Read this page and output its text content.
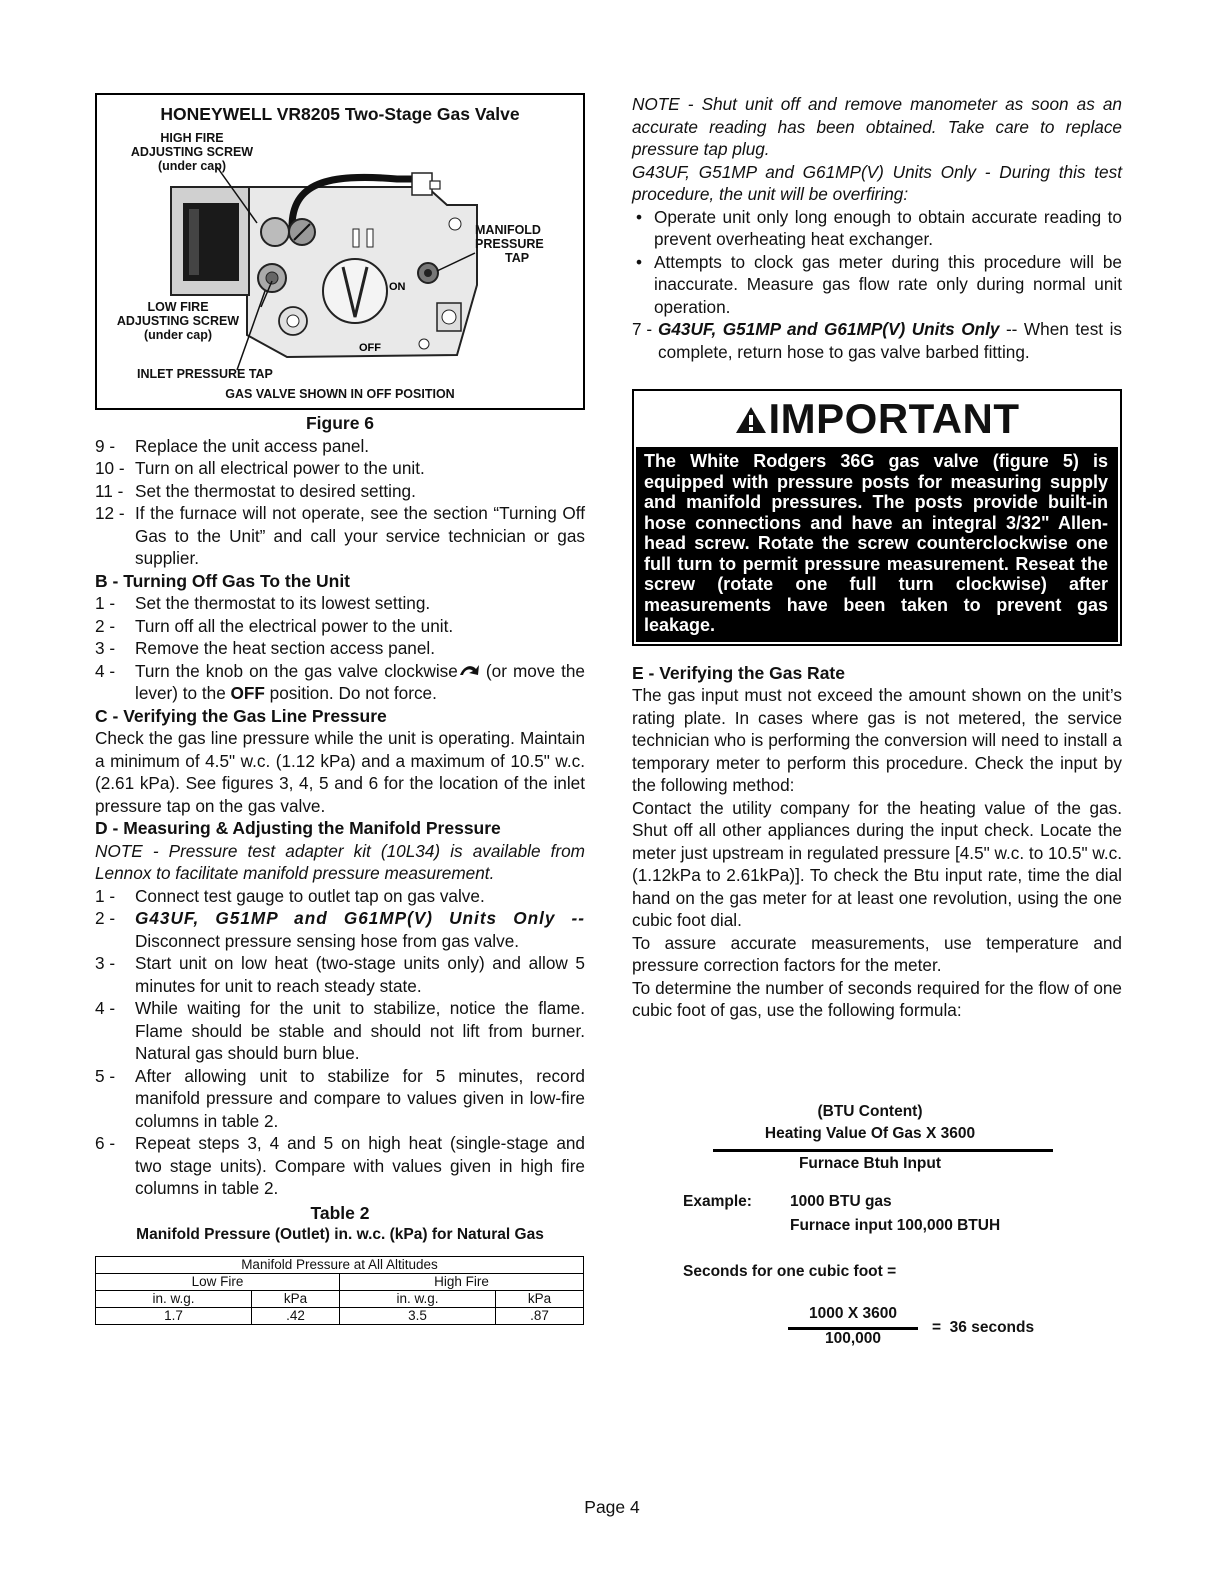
HONEYWELL VR8205 Two-Stage Gas Valve
ON
OFF
HIGH FIRE
ADJUSTING SCREW
(under cap)
MANIFOLD
PRESSURE
TAP
LOW FIRE
ADJUSTING SCREW
(under cap)
INLET PRESSURE TAP
GAS VALVE SHOWN IN OFF POSITION
Figure 6
9 -	Replace the unit access panel.
10 - Turn on all electrical power to the unit.
11 - Set the thermostat to desired setting.
12 - If the furnace will not operate, see the section “Turning Off Gas to the Unit” and call your service technician or gas supplier.
B - Turning Off Gas To the Unit
1 -	Set the thermostat to its lowest setting.
2 -	Turn off all the electrical power to the unit.
3 -	Remove the heat section access panel.
4 -	Turn the knob on the gas valve clockwise (or move the lever) to the OFF position. Do not force.
C - Verifying the Gas Line Pressure
Check the gas line pressure while the unit is operating. Maintain a minimum of 4.5" w.c. (1.12 kPa) and a maximum of 10.5" w.c. (2.61 kPa). See figures 3, 4, 5 and 6 for the location of the inlet pressure tap on the gas valve.
D - Measuring & Adjusting the Manifold Pressure
NOTE - Pressure test adapter kit (10L34) is available from Lennox to facilitate manifold pressure measurement.
1 -	Connect test gauge to outlet tap on gas valve.
2 -	G43UF, G51MP and G61MP(V) Units Only -- Disconnect pressure sensing hose from gas valve.
3 -	Start unit on low heat (two-stage units only) and allow 5 minutes for unit to reach steady state.
4 -	While waiting for the unit to stabilize, notice the flame. Flame should be stable and should not lift from burner. Natural gas should burn blue.
5 -	After allowing unit to stabilize for 5 minutes, record manifold pressure and compare to values given in low-fire columns in table 2.
6 -	Repeat steps 3, 4 and 5 on high heat (single-stage and two stage units). Compare with values given in high fire columns in table 2.
Table 2
Manifold Pressure (Outlet) in. w.c. (kPa) for Natural Gas
Manifold Pressure at All Altitudes			
Low Fire		High Fire	
in. w.g.	kPa	in. w.g.	kPa
1.7	.42	3.5	.87
NOTE - Shut unit off and remove manometer as soon as an accurate reading has been obtained. Take care to replace pressure tap plug.
G43UF, G51MP and G61MP(V) Units Only - During this test procedure, the unit will be overfiring:
• Operate unit only long enough to obtain accurate reading to prevent overheating heat exchanger.
• Attempts to clock gas meter during this procedure will be inaccurate. Measure gas flow rate only during normal unit operation.
7 - G43UF, G51MP and G61MP(V) Units Only -- When test is complete, return hose to gas valve barbed fitting.
IMPORTANT
The White Rodgers 36G gas valve (figure 5) is equipped with pressure posts for measuring supply and manifold pressures. The posts provide built-in hose connections and have an integral 3/32" Allen-head screw. Rotate the screw counterclockwise one full turn to permit pressure measurement. Reseat the screw (rotate one full turn clockwise) after measurements have been taken to prevent gas leakage.
E - Verifying the Gas Rate
The gas input must not exceed the amount shown on the unit’s rating plate. In cases where gas is not metered, the service technician who is performing the conversion will need to install a temporary meter to perform this procedure. Check the input by the following method:
Contact the utility company for the heating value of the gas. Shut off all other appliances during the input check. Locate the meter just upstream in regulated pressure [4.5" w.c. to 10.5" w.c. (1.12kPa to 2.61kPa)]. To check the Btu input rate, time the dial hand on the gas meter for at least one revolution, using the one cubic foot dial.
To assure accurate measurements, use temperature and pressure correction factors for the meter.
To determine the number of seconds required for the flow of one cubic foot of gas, use the following formula:
(BTU Content)
Heating Value Of Gas X 3600
Furnace Btuh Input
Example: 1000 BTU gas
Furnace input 100,000 BTUH
Seconds for one cubic foot =
1000 X 3600
100,000
=  36 seconds
Page 4
